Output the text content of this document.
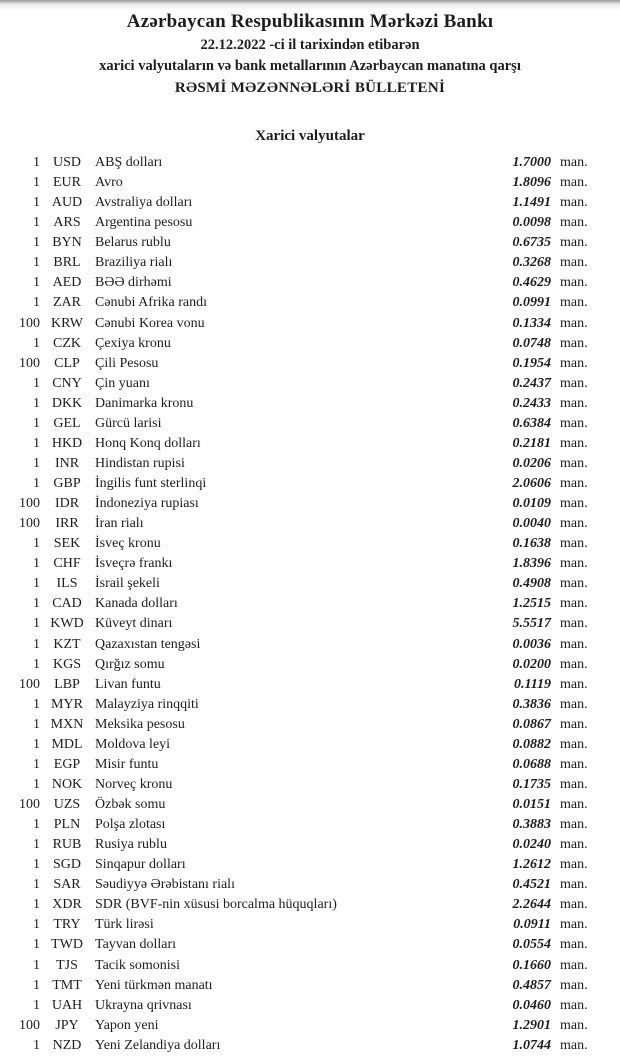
Azərbaycan Respublikasının Mərkəzi Bankı
22.12.2022 -ci il tarixindən etibarən
xarici valyutaların və bank metallarının Azərbaycan manatına qarşı
RƏSMİ MƏZƏNNƏLƏRİ BÜLLETENİ
Xarici valyutalar
1 USD	ABŞ dolları	1.7000 man.
1 EUR	Avro	1.8096 man.
1 AUD Avstraliya dolları	1.1491 man.
1 ARS	Argentina pesosu	0.0098 man.
1 BYN Belarus rublu	0.6735 man.
1 BRL	Braziliya rialı	0.3268 man.
1 AED BƏƏ dirhəmi	0.4629 man.
1 ZAR	Cənubi Afrika randı	0.0991 man.
100 KRW Cənubi Korea vonu	0.1334 man.
1 CZK	Çexiya kronu	0.0748 man.
100	CLP	Çili Pesosu	0.1954 man.
1 CNY Çin yuanı	0.2437 man.
1 DKK Danimarka kronu	0.2433 man.
1 GEL	Gürcü larisi	0.6384 man.
1 HKD Honq Konq dolları	0.2181 man.
1	INR	Hindistan rupisi	0.0206 man.
1 GBP	İngilis funt sterlinqi	2.0606 man.
100	IDR	İndoneziya rupiası	0.0109 man.
100	IRR	İran rialı	0.0040 man.
1 SEK	İsveç kronu	0.1638 man.
1 CHF	İsveçrə frankı	1.8396 man.
1	ILS	İsrail şekeli	0.4908 man.
1 CAD Kanada dolları	1.2515 man.
1 KWD Küveyt dinarı	5.5517 man.
1 KZT	Qazaxıstan tengəsi	0.0036 man.
1 KGS	Qırğız somu	0.0200 man.
100	LBP	Livan funtu	0.1119 man.
1 MYR Malayziya rinqqiti	0.3836 man.
1 MXN Meksika pesosu	0.0867 man.
1 MDL Moldova leyi	0.0882 man.
1 EGP	Misir funtu	0.0688 man.
1 NOK Norveç kronu	0.1735 man.
100 UZS	Özbək somu	0.0151 man.
1 PLN	Polşa zlotası	0.3883 man.
1 RUB Rusiya rublu	0.0240 man.
1 SGD	Sinqapur dolları	1.2612 man.
1 SAR	Səudiyyə Ərəbistanı rialı	0.4521 man.
1 XDR SDR (BVF-nin xüsusi borcalma hüquqları)	2.2644 man.
1 TRY	Türk lirəsi	0.0911 man.
1 TWD Tayvan dolları	0.0554 man.
1	TJS	Tacik somonisi	0.1660 man.
1 TMT Yeni türkmən manatı	0.4857 man.
1 UAH Ukrayna qrivnası	0.0460 man.
100	JPY	Yapon yeni	1.2901 man.
1 NZD Yeni Zelandiya dolları	1.0744 man.
